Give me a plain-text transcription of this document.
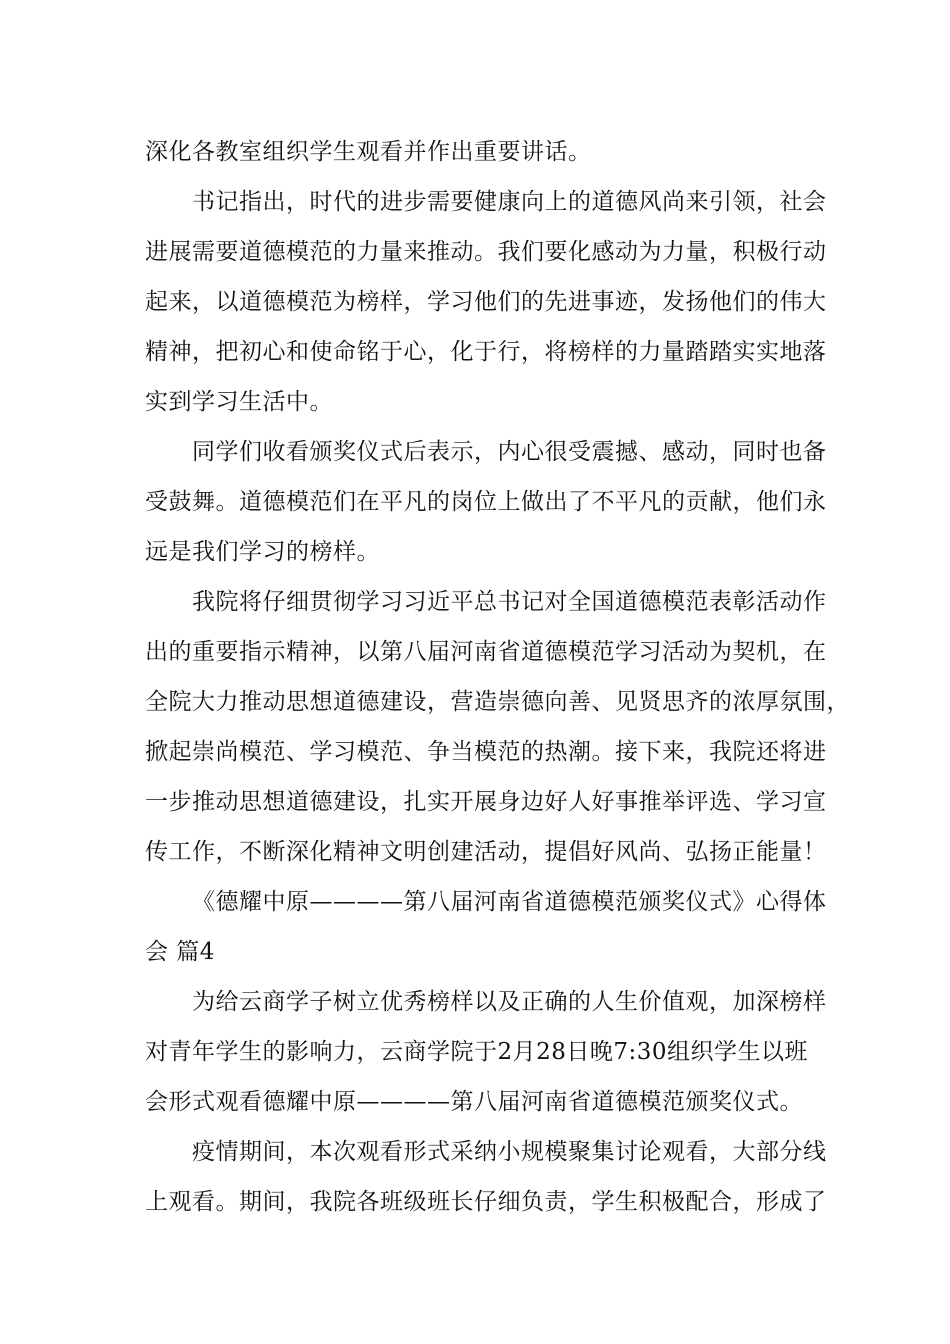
深化各教室组织学生观看并作出重要讲话。
书记指出，时代的进步需要健康向上的道德风尚来引领，社会
进展需要道德模范的力量来推动。我们要化感动为力量，积极行动
起来，以道德模范为榜样，学习他们的先进事迹，发扬他们的伟大
精神，把初心和使命铭于心，化于行，将榜样的力量踏踏实实地落
实到学习生活中。
同学们收看颁奖仪式后表示，内心很受震撼、感动，同时也备
受鼓舞。道德模范们在平凡的岗位上做出了不平凡的贡献，他们永
远是我们学习的榜样。
我院将仔细贯彻学习习近平总书记对全国道德模范表彰活动作
出的重要指示精神，以第八届河南省道德模范学习活动为契机，在
全院大力推动思想道德建设，营造崇德向善、见贤思齐的浓厚氛围，
掀起崇尚模范、学习模范、争当模范的热潮。接下来，我院还将进
一步推动思想道德建设，扎实开展身边好人好事推举评选、学习宣
传工作，不断深化精神文明创建活动，提倡好风尚、弘扬正能量！
《德耀中原————第八届河南省道德模范颁奖仪式》心得体
会 篇4
为给云商学子树立优秀榜样以及正确的人生价值观，加深榜样
对青年学生的影响力，云商学院于2月28日晚7:30组织学生以班
会形式观看德耀中原————第八届河南省道德模范颁奖仪式。
疫情期间，本次观看形式采纳小规模聚集讨论观看，大部分线
上观看。期间，我院各班级班长仔细负责，学生积极配合，形成了
